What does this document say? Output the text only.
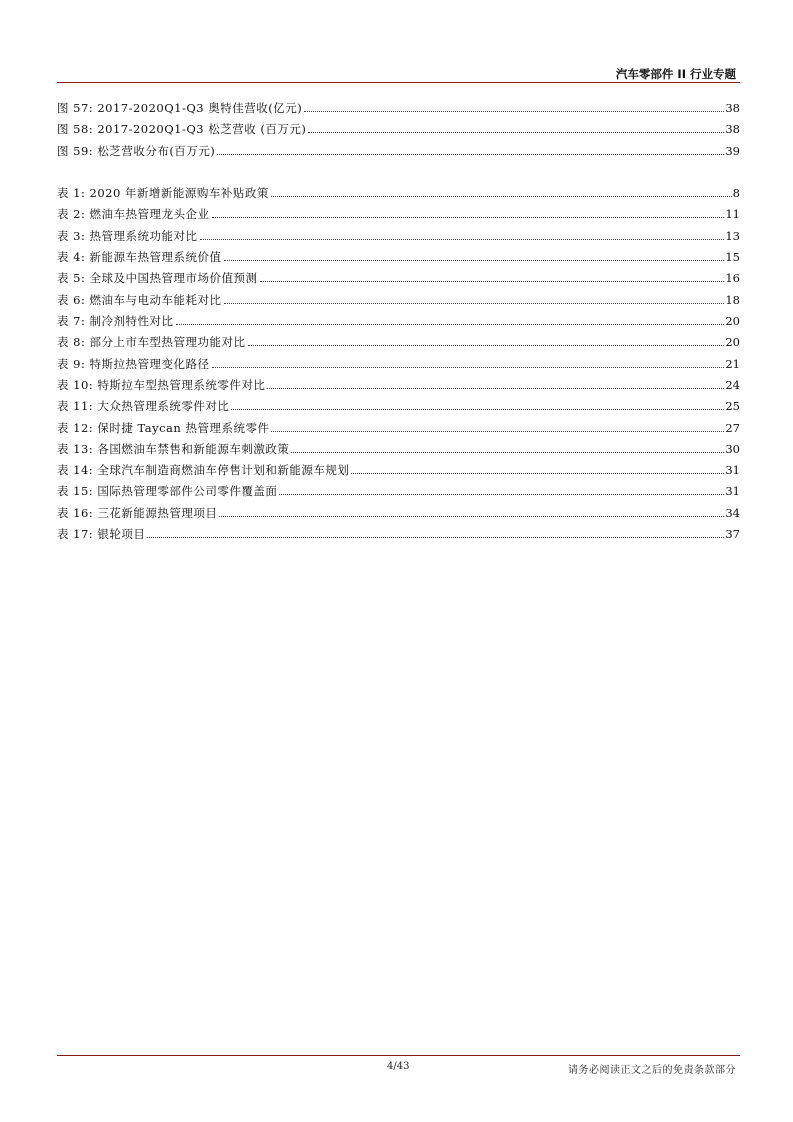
汽车零部件 II 行业专题
图 57: 2017-2020Q1-Q3 奥特佳营收(亿元)	38
图 58: 2017-2020Q1-Q3 松芝营收 (百万元)	38
图 59: 松芝营收分布(百万元)	39
表 1: 2020 年新增新能源购车补贴政策	8
表 2: 燃油车热管理龙头企业	11
表 3: 热管理系统功能对比	13
表 4: 新能源车热管理系统价值	15
表 5: 全球及中国热管理市场价值预测	16
表 6: 燃油车与电动车能耗对比	18
表 7: 制冷剂特性对比	20
表 8: 部分上市车型热管理功能对比	20
表 9: 特斯拉热管理变化路径	21
表 10: 特斯拉车型热管理系统零件对比	24
表 11: 大众热管理系统零件对比	25
表 12: 保时捷 Taycan 热管理系统零件	27
表 13: 各国燃油车禁售和新能源车刺激政策	30
表 14: 全球汽车制造商燃油车停售计划和新能源车规划	31
表 15: 国际热管理零部件公司零件覆盖面	31
表 16: 三花新能源热管理项目	34
表 17: 银轮项目	37
4/43	请务必阅读正文之后的免责条款部分
